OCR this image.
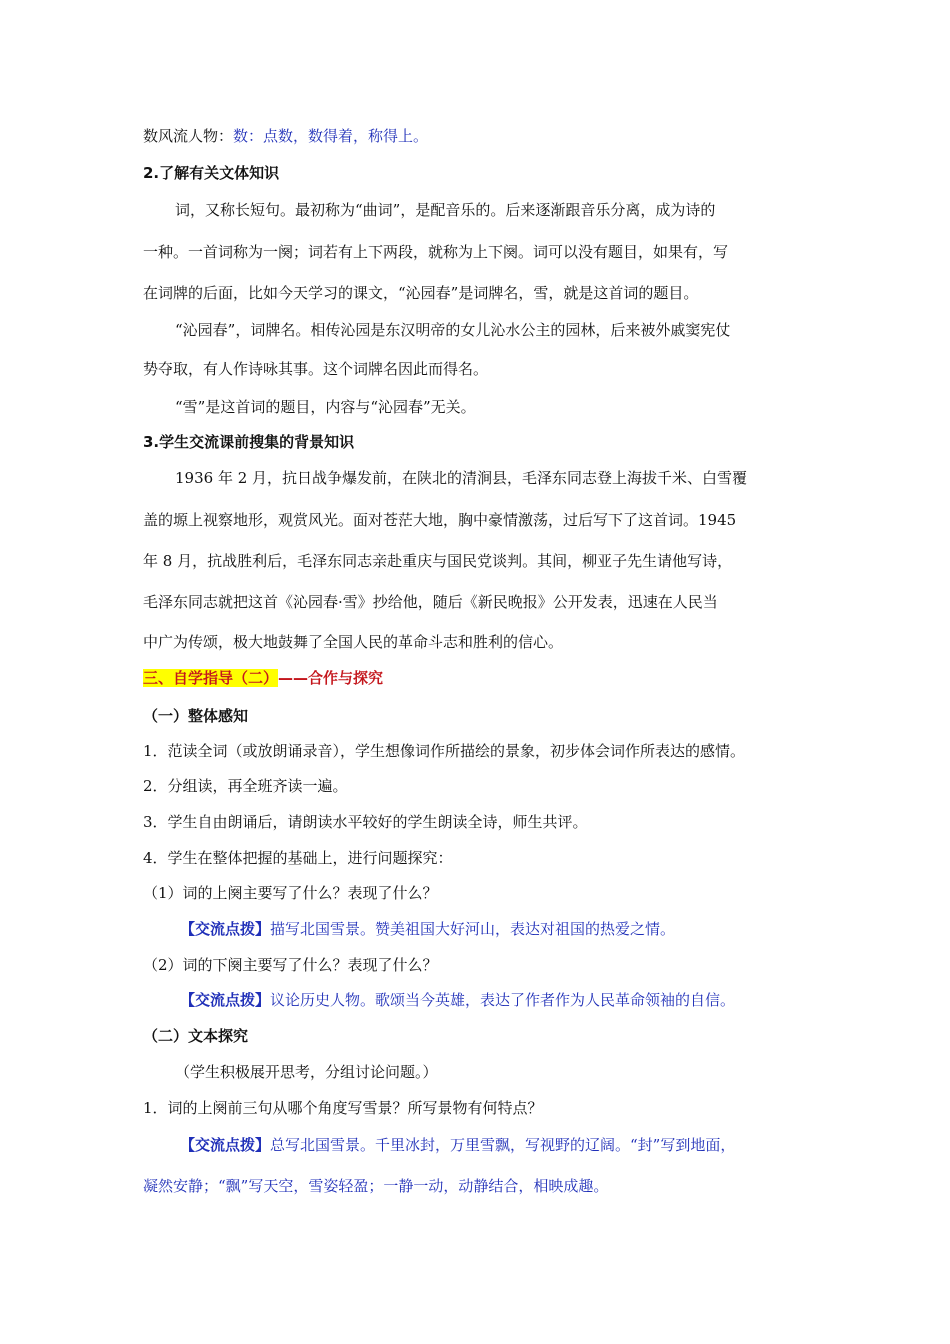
数风流人物：数：点数，数得着，称得上。
2.了解有关文体知识
词，又称长短句。最初称为“曲词”，是配音乐的。后来逐渐跟音乐分离，成为诗的
一种。一首词称为一阕；词若有上下两段，就称为上下阕。词可以没有题目，如果有，写
在词牌的后面，比如今天学习的课文，“沁园春”是词牌名，雪，就是这首词的题目。
“沁园春”，词牌名。相传沁园是东汉明帝的女儿沁水公主的园林，后来被外戚窦宪仗
势夺取，有人作诗咏其事。这个词牌名因此而得名。
“雪”是这首词的题目，内容与“沁园春”无关。
3.学生交流课前搜集的背景知识
1936 年 2 月，抗日战争爆发前，在陕北的清涧县，毛泽东同志登上海拔千米、白雪覆
盖的塬上视察地形，观赏风光。面对苍茫大地，胸中豪情激荡，过后写下了这首词。1945
年 8 月，抗战胜利后，毛泽东同志亲赴重庆与国民党谈判。其间，柳亚子先生请他写诗，
毛泽东同志就把这首《沁园春·雪》抄给他，随后《新民晚报》公开发表，迅速在人民当
中广为传颂，极大地鼓舞了全国人民的革命斗志和胜利的信心。
三、自学指导（二）——合作与探究
（一）整体感知
1．范读全词（或放朗诵录音），学生想像词作所描绘的景象，初步体会词作所表达的感情。
2．分组读，再全班齐读一遍。
3．学生自由朗诵后，请朗读水平较好的学生朗读全诗，师生共评。
4．学生在整体把握的基础上，进行问题探究：
（1）词的上阕主要写了什么？表现了什么？
【交流点拨】描写北国雪景。赞美祖国大好河山，表达对祖国的热爱之情。
（2）词的下阕主要写了什么？表现了什么？
【交流点拨】议论历史人物。歌颂当今英雄，表达了作者作为人民革命领袖的自信。
（二）文本探究
（学生积极展开思考，分组讨论问题。）
1．词的上阕前三句从哪个角度写雪景？所写景物有何特点？
【交流点拨】总写北国雪景。千里冰封，万里雪飘，写视野的辽阔。“封”写到地面，
凝然安静；“飘”写天空，雪姿轻盈；一静一动，动静结合，相映成趣。
